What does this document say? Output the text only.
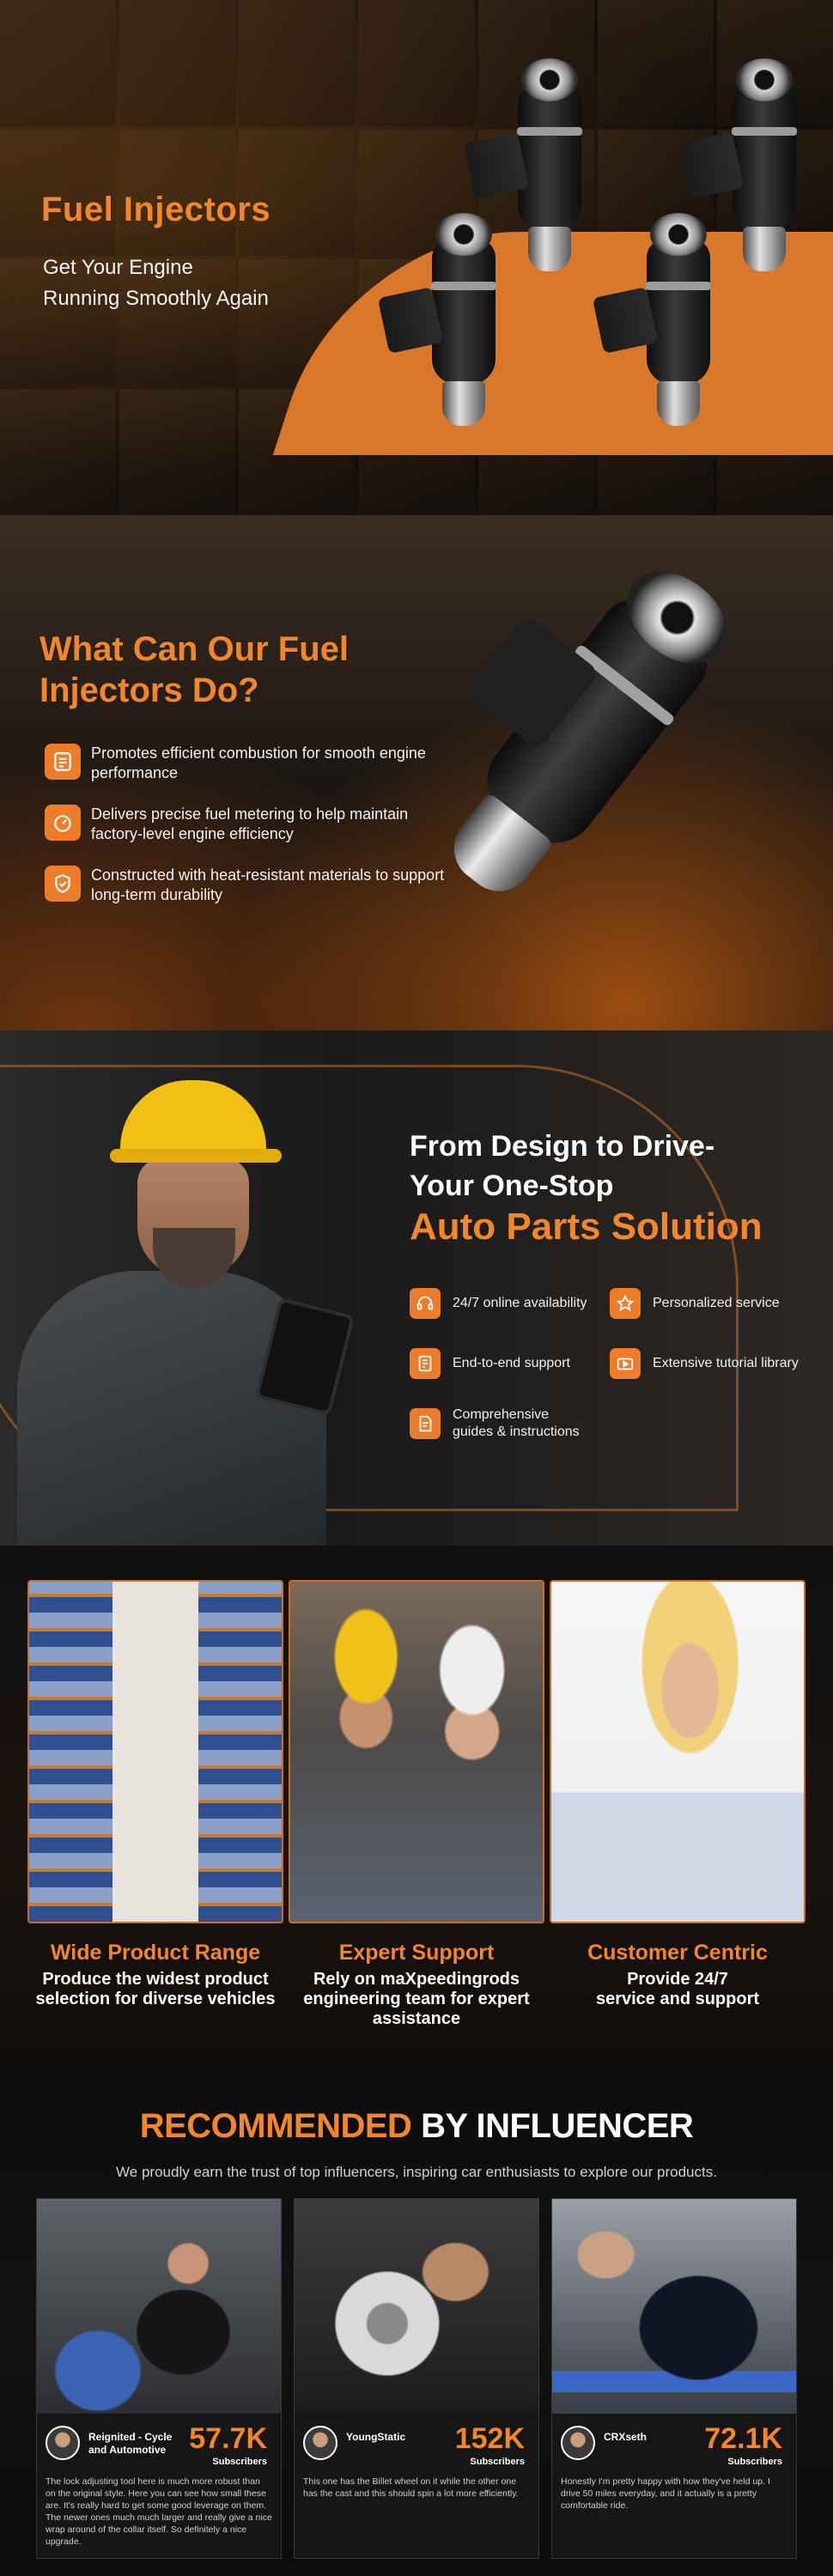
Fuel Injectors
Get Your Engine
Running Smoothly Again
What Can Our Fuel
Injectors Do?
Promotes efficient combustion for smooth engine performance
Delivers precise fuel metering to help maintain factory-level engine efficiency
Constructed with heat-resistant materials to support long-term durability
From Design to Drive-
Your One-Stop
Auto Parts Solution
24/7 online availability	Personalized service
End-to-end support	Extensive tutorial library
Comprehensive
guides & instructions
Wide Product Range
Produce the widest product
selection for diverse vehicles
Expert Support
Rely on maXpeedingrods
engineering team for expert
assistance
Customer Centric
Provide 24/7
service and support
RECOMMENDED BY INFLUENCER

We proudly earn the trust of top influencers, inspiring car enthusiasts to explore our products.

Reignited - Cycle and Automotive 57.7K
Subscribers
The lock adjusting tool here is much more robust than on the original style. Here you can see how small these are. It's really hard to get some good leverage on them. The newer ones much much larger and really give a nice wrap around of the collar itself. So definitely a nice upgrade.
YoungStatic	152K
Subscribers
This one has the Billet wheel on it while the other one has the cast and this should spin a lot more efficiently.
CRXseth	72.1K
Subscribers
Honestly I'm pretty happy with how they've held up. I drive 50 miles everyday, and it actually is a pretty comfortable ride.
